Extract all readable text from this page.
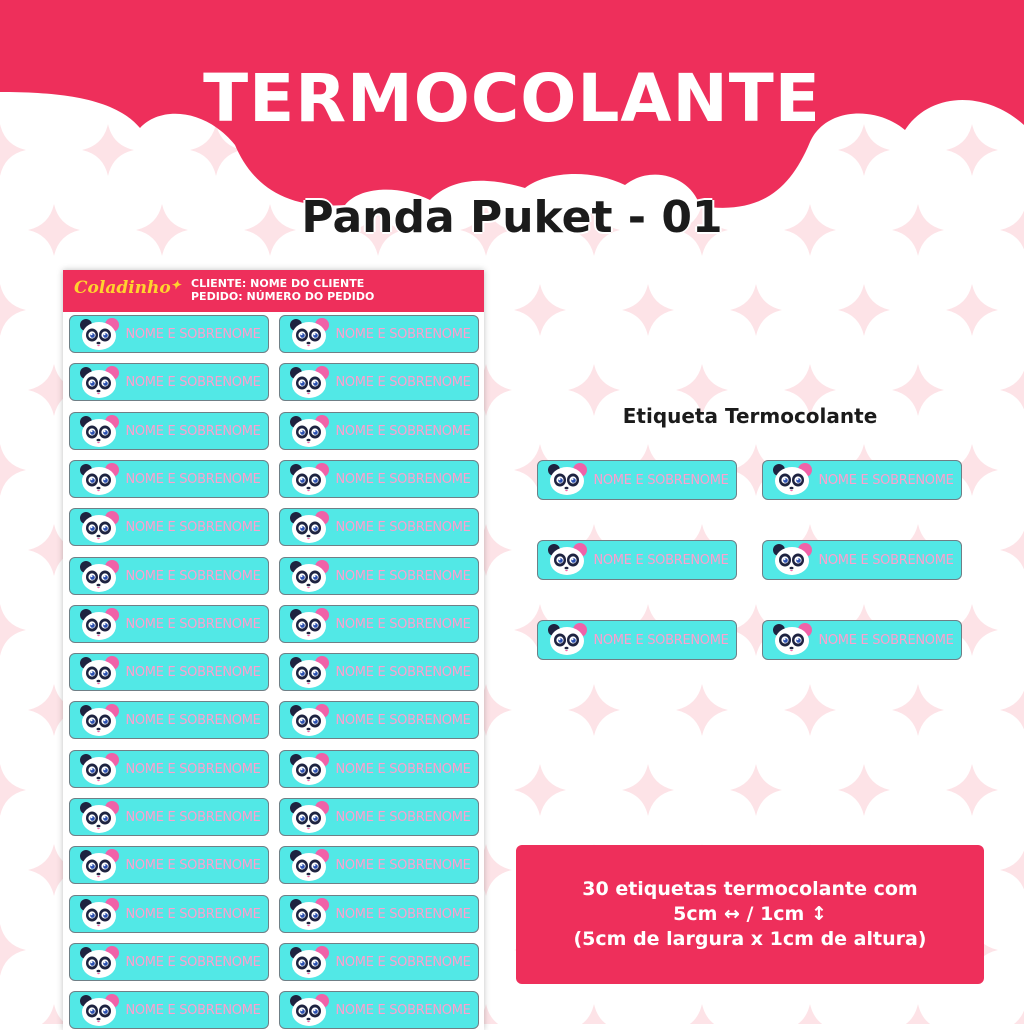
TERMOCOLANTE
Panda Puket - 01
Coladinho✦ CLIENTE: NOME DO CLIENTE
PEDIDO: NÚMERO DO PEDIDO
NOME E SOBRENOME	NOME E SOBRENOME
NOME E SOBRENOME	NOME E SOBRENOME
NOME E SOBRENOME	NOME E SOBRENOME
NOME E SOBRENOME	NOME E SOBRENOME
NOME E SOBRENOME	NOME E SOBRENOME
NOME E SOBRENOME	NOME E SOBRENOME
NOME E SOBRENOME	NOME E SOBRENOME
NOME E SOBRENOME	NOME E SOBRENOME
NOME E SOBRENOME	NOME E SOBRENOME
NOME E SOBRENOME	NOME E SOBRENOME
NOME E SOBRENOME	NOME E SOBRENOME
NOME E SOBRENOME	NOME E SOBRENOME
NOME E SOBRENOME	NOME E SOBRENOME
NOME E SOBRENOME	NOME E SOBRENOME
NOME E SOBRENOME	NOME E SOBRENOME
Etiqueta Termocolante
NOME E SOBRENOME	NOME E SOBRENOME
NOME E SOBRENOME	NOME E SOBRENOME
NOME E SOBRENOME	NOME E SOBRENOME
30 etiquetas termocolante com
5cm ↔ / 1cm ↕
(5cm de largura x 1cm de altura)
